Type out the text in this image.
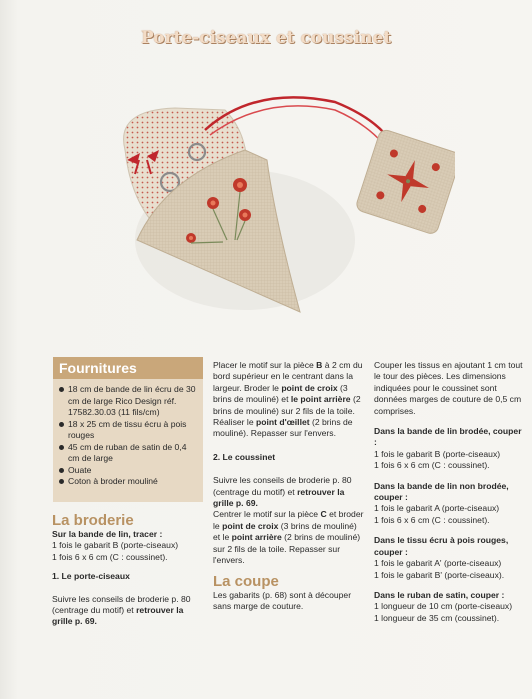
Porte-ciseaux et coussinet
Fournitures
18 cm de bande de lin écru de 30 cm de large Rico Design réf. 17582.30.03 (11 fils/cm)
18 x 25 cm de tissu écru à pois rouges
45 cm de ruban de satin de 0,4 cm de large
Ouate
Coton à broder mouliné
La broderie

Sur la bande de lin, tracer :

1 fois le gabarit B (porte-ciseaux)

1 fois 6 x 6 cm (C : coussinet).

1. Le porte-ciseaux

Suivre les conseils de broderie p. 80 (centrage du motif) et retrouver la grille p. 69.

Placer le motif sur la pièce B à 2 cm du bord supérieur en le centrant dans la largeur. Broder le point de croix (3 brins de mouliné) et le point arrière (2 brins de mouliné) sur 2 fils de la toile. Réaliser le point d'œillet (2 brins de mouliné). Repasser sur l'envers.

2. Le coussinet

Suivre les conseils de broderie p. 80 (centrage du motif) et retrouver la grille p. 69.

Centrer le motif sur la pièce C et broder le point de croix (3 brins de mouliné) et le point arrière (2 brins de mouliné) sur 2 fils de la toile. Repasser sur l'envers.

La coupe

Les gabarits (p. 68) sont à découper sans marge de couture.

Couper les tissus en ajoutant 1 cm tout le tour des pièces. Les dimensions indiquées pour le coussinet sont données marges de couture de 0,5 cm comprises.

Dans la bande de lin brodée, couper :

1 fois le gabarit B (porte-ciseaux)

1 fois 6 x 6 cm (C : coussinet).

Dans la bande de lin non brodée, couper :

1 fois le gabarit A (porte-ciseaux)

1 fois 6 x 6 cm (C : coussinet).

Dans le tissu écru à pois rouges, couper :

1 fois le gabarit A' (porte-ciseaux)

1 fois le gabarit B' (porte-ciseaux).

Dans le ruban de satin, couper :

1 longueur de 10 cm (porte-ciseaux)

1 longueur de 35 cm (coussinet).
